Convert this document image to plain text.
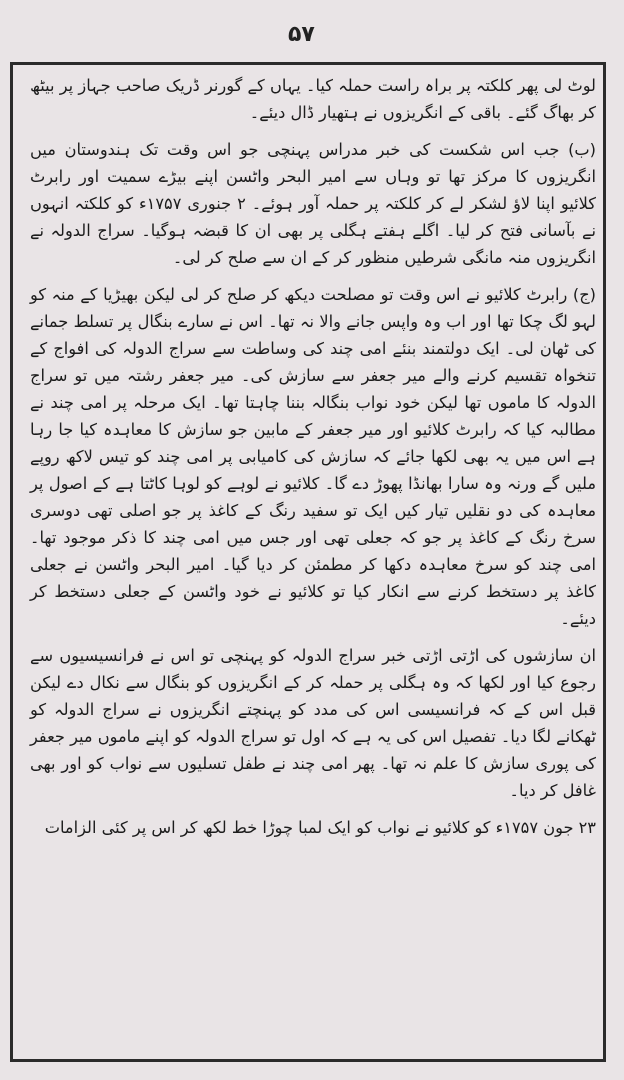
۵۷

لوٹ لی پھر کلکتہ پر براہ راست حملہ کیا۔ یہاں کے گورنر ڈریک صاحب جہاز پر بیٹھ کر بھاگ گئے۔ باقی کے انگریزوں نے ہتھیار ڈال دیئے۔

(ب) جب اس شکست کی خبر مدراس پہنچی جو اس وقت تک ہندوستان میں انگریزوں کا مرکز تھا تو وہاں سے امیر البحر واٹسن اپنے بیڑے سمیت اور رابرٹ کلائیو اپنا لاؤ لشکر لے کر کلکتہ پر حملہ آور ہوئے۔ ۲ جنوری ۱۷۵۷ء کو کلکتہ انہوں نے بآسانی فتح کر لیا۔ اگلے ہفتے ہگلی پر بھی ان کا قبضہ ہوگیا۔ سراج الدولہ نے انگریزوں منہ مانگی شرطیں منظور کر کے ان سے صلح کر لی۔

(ج) رابرٹ کلائیو نے اس وقت تو مصلحت دیکھ کر صلح کر لی لیکن بھیڑیا کے منہ کو لہو لگ چکا تھا اور اب وہ واپس جانے والا نہ تھا۔ اس نے سارے بنگال پر تسلط جمانے کی ٹھان لی۔ ایک دولتمند بنئے امی چند کی وساطت سے سراج الدولہ کی افواج کے تنخواہ تقسیم کرنے والے میر جعفر سے سازش کی۔ میر جعفر رشتہ میں تو سراج الدولہ کا ماموں تھا لیکن خود نواب بنگالہ بننا چاہتا تھا۔ ایک مرحلہ پر امی چند نے مطالبہ کیا کہ رابرٹ کلائیو اور میر جعفر کے مابین جو سازش کا معاہدہ کیا جا رہا ہے اس میں یہ بھی لکھا جائے کہ سازش کی کامیابی پر امی چند کو تیس لاکھ روپے ملیں گے ورنہ وہ سارا بھانڈا پھوڑ دے گا۔ کلائیو نے لوہے کو لوہا کاٹتا ہے کے اصول پر معاہدہ کی دو نقلیں تیار کیں ایک تو سفید رنگ کے کاغذ پر جو اصلی تھی دوسری سرخ رنگ کے کاغذ پر جو کہ جعلی تھی اور جس میں امی چند کا ذکر موجود تھا۔ امی چند کو سرخ معاہدہ دکھا کر مطمئن کر دیا گیا۔ امیر البحر واٹسن نے جعلی کاغذ پر دستخط کرنے سے انکار کیا تو کلائیو نے خود واٹسن کے جعلی دستخط کر دیئے۔

ان سازشوں کی اڑتی اڑتی خبر سراج الدولہ کو پہنچی تو اس نے فرانسیسیوں سے رجوع کیا اور لکھا کہ وہ ہگلی پر حملہ کر کے انگریزوں کو بنگال سے نکال دے لیکن قبل اس کے کہ فرانسیسی اس کی مدد کو پہنچتے انگریزوں نے سراج الدولہ کو ٹھکانے لگا دیا۔ تفصیل اس کی یہ ہے کہ اول تو سراج الدولہ کو اپنے ماموں میر جعفر کی پوری سازش کا علم نہ تھا۔ پھر امی چند نے طفل تسلیوں سے نواب کو اور بھی غافل کر دیا۔

۲۳ جون ۱۷۵۷ء کو کلائیو نے نواب کو ایک لمبا چوڑا خط لکھ کر اس پر کئی الزامات
